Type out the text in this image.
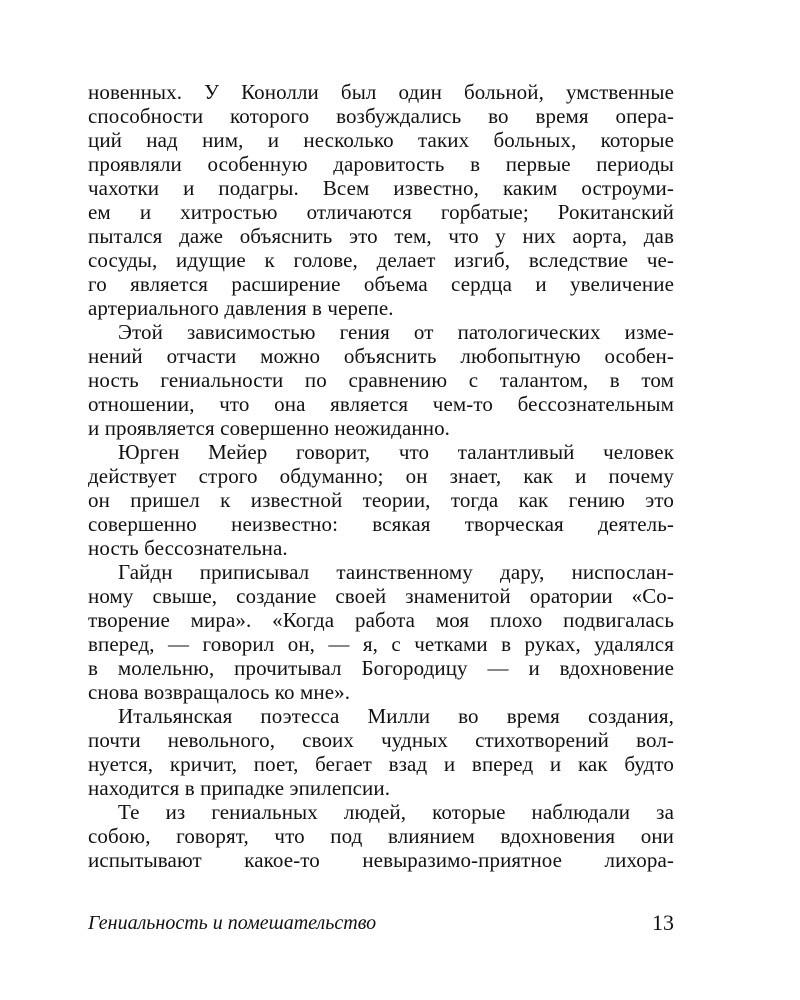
новенных. У Конолли был один больной, умственные
способности которого возбуждались во время опера-
ций над ним, и несколько таких больных, которые
проявляли особенную даровитость в первые периоды
чахотки и подагры. Всем известно, каким остроуми-
ем и хитростью отличаются горбатые; Рокитанский
пытался даже объяснить это тем, что у них аорта, дав
сосуды, идущие к голове, делает изгиб, вследствие че-
го является расширение объема сердца и увеличение
артериального давления в черепе.
Этой зависимостью гения от патологических изме-
нений отчасти можно объяснить любопытную особен-
ность гениальности по сравнению с талантом, в том
отношении, что она является чем-то бессознательным
и проявляется совершенно неожиданно.
Юрген Мейер говорит, что талантливый человек
действует строго обдуманно; он знает, как и почему
он пришел к известной теории, тогда как гению это
совершенно неизвестно: всякая творческая деятель-
ность бессознательна.
Гайдн приписывал таинственному дару, ниспослан-
ному свыше, создание своей знаменитой оратории «Со-
творение мира». «Когда работа моя плохо подвигалась
вперед, — говорил он, — я, с четками в руках, удалялся
в молельню, прочитывал Богородицу — и вдохновение
снова возвращалось ко мне».
Итальянская поэтесса Милли во время создания,
почти невольного, своих чудных стихотворений вол-
нуется, кричит, поет, бегает взад и вперед и как будто
находится в припадке эпилепсии.
Те из гениальных людей, которые наблюдали за
собою, говорят, что под влиянием вдохновения они
испытывают какое-то невыразимо-приятное лихора-
Гениальность и помешательство	13
